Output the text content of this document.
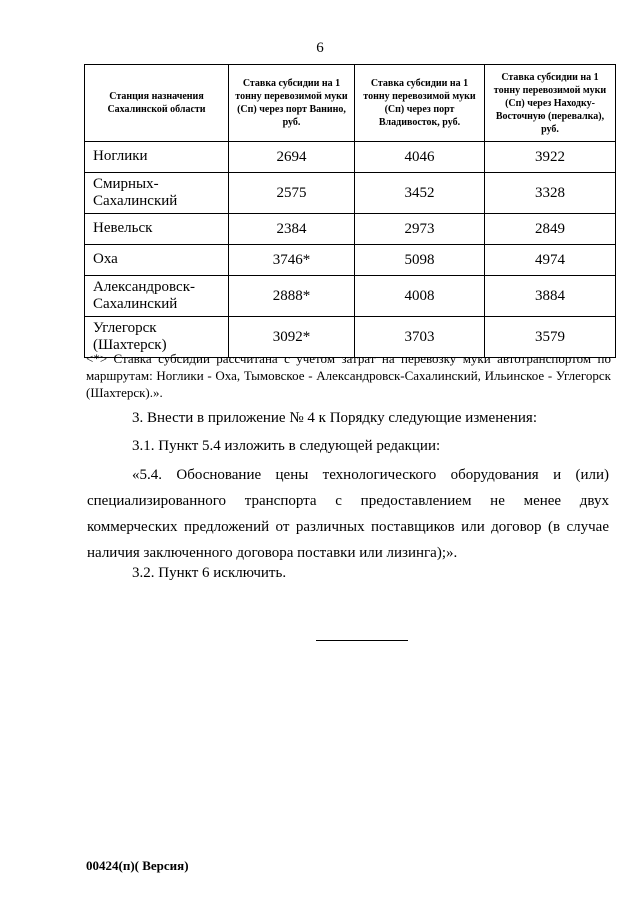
6
Станция назначения Сахалинской области	Ставка субсидии на 1 тонну перевозимой муки (Сп) через порт Ванино, руб.	Ставка субсидии на 1 тонну перевозимой муки (Сп) через порт Владивосток, руб.	Ставка субсидии на 1 тонну перевозимой муки (Сп) через Находку-Восточную (перевалка), руб.
Ноглики	2694	4046	3922
Смирных-Сахалинский	2575	3452	3328
Невельск	2384	2973	2849
Оха	3746*	5098	4974
Александровск-Сахалинский	2888*	4008	3884
Углегорск (Шахтерск)	3092*	3703	3579
<*> Ставка субсидии рассчитана с учетом затрат на перевозку муки автотранспортом по маршрутам: Ноглики - Оха, Тымовское - Александровск-Сахалинский, Ильинское - Углегорск (Шахтерск).».
3. Внести в приложение № 4 к Порядку следующие изменения:
3.1. Пункт 5.4 изложить в следующей редакции:
«5.4. Обоснование цены технологического оборудования и (или) специализированного транспорта с предоставлением не менее двух коммерческих предложений от различных поставщиков или договор (в случае наличия заключенного договора поставки или лизинга);».
3.2. Пункт 6 исключить.
00424(п)( Версия)
